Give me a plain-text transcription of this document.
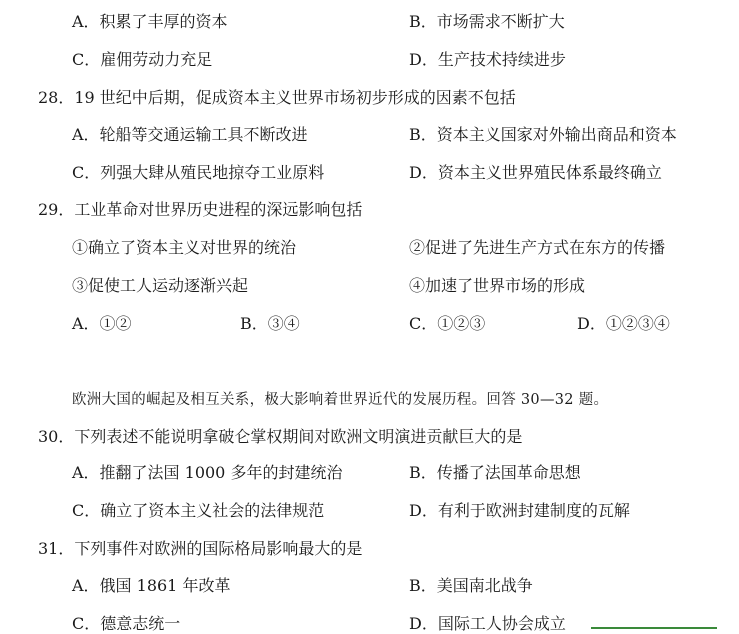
A．积累了丰厚的资本	B．市场需求不断扩大
C．雇佣劳动力充足	D．生产技术持续进步
28．19 世纪中后期，促成资本主义世界市场初步形成的因素不包括
A．轮船等交通运输工具不断改进	B．资本主义国家对外输出商品和资本
C．列强大肆从殖民地掠夺工业原料	D．资本主义世界殖民体系最终确立
29．工业革命对世界历史进程的深远影响包括
①确立了资本主义对世界的统治	②促进了先进生产方式在东方的传播
③促使工人运动逐渐兴起	④加速了世界市场的形成
A．①②	B．③④	C．①②③	D．①②③④
欧洲大国的崛起及相互关系，极大影响着世界近代的发展历程。回答 30—32 题。
30．下列表述不能说明拿破仑掌权期间对欧洲文明演进贡献巨大的是
A．推翻了法国 1000 多年的封建统治	B．传播了法国革命思想
C．确立了资本主义社会的法律规范	D．有利于欧洲封建制度的瓦解
31．下列事件对欧洲的国际格局影响最大的是
A．俄国 1861 年改革	B．美国南北战争
C．德意志统一	D．国际工人协会成立
